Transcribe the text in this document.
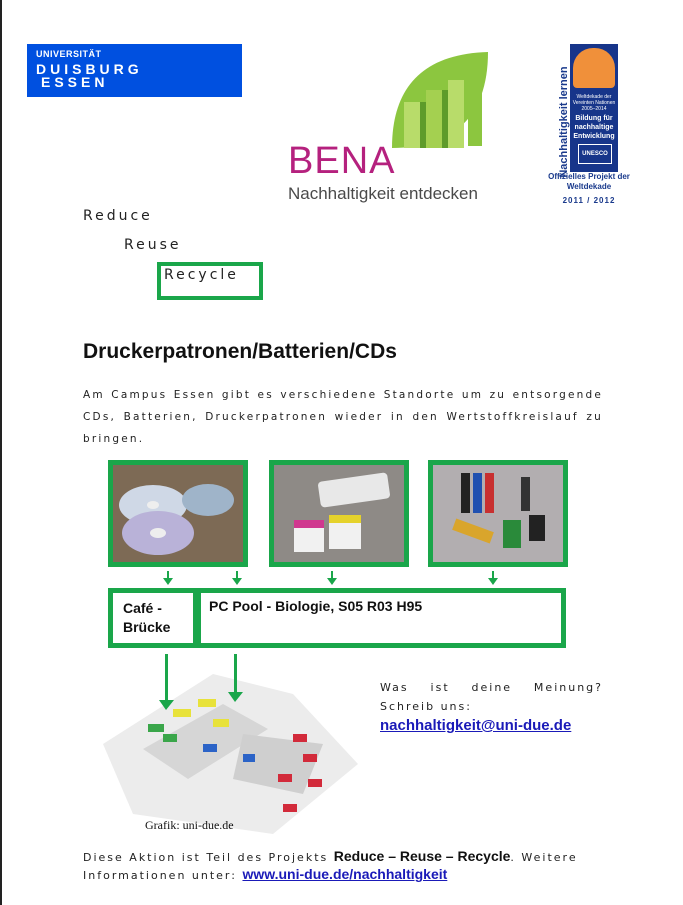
UNIVERSITÄT
DUISBURG
ESSEN
BENA
Nachhaltigkeit entdecken
Nachhaltigkeit lernen	Weltdekade der Vereinten Nationen 2005–2014
Bildung für nachhaltige Entwicklung
UNESCO
Offizielles Projekt der Weltdekade
2011 / 2012
Reduce
Reuse
Recycle
Druckerpatronen/Batterien/CDs
Am Campus Essen gibt es verschiedene Standorte um zu entsorgende CDs, Batterien, Druckerpatronen wieder in den Wertstoffkreislauf zu bringen.
Café -
Brücke
PC Pool - Biologie, S05 R03 H95
Grafik: uni-due.de
Was ist deine Meinung?
Schreib uns:
nachhaltigkeit@uni-due.de
Diese Aktion ist Teil des Projekts Reduce – Reuse – Recycle. Weitere Informationen unter: www.uni-due.de/nachhaltigkeit
